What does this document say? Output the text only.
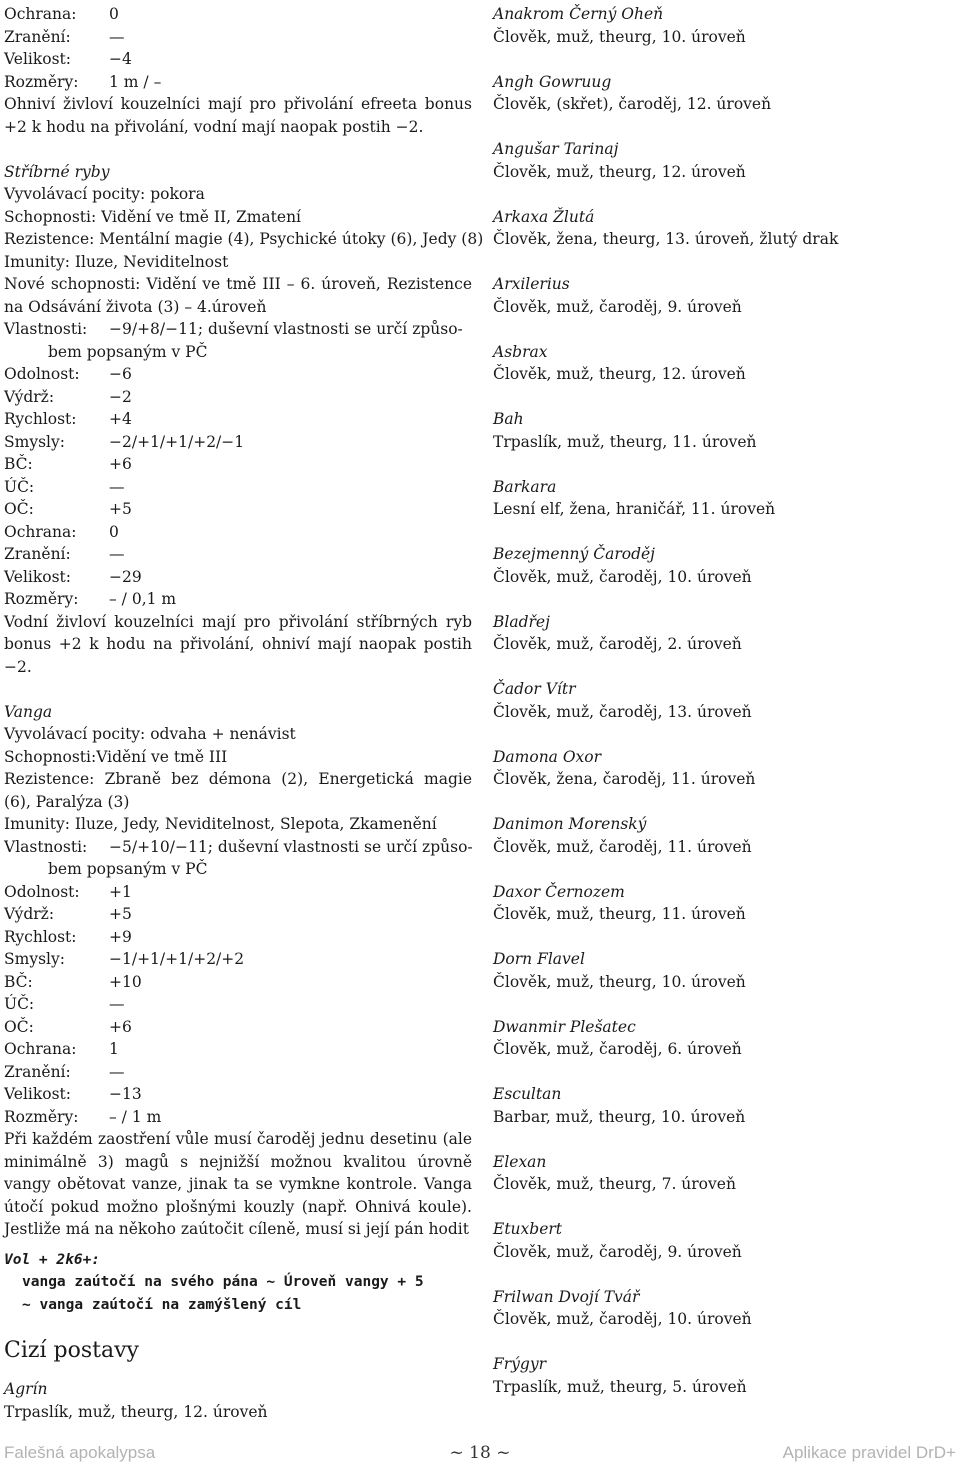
Ochrana:	0
Zranění:	—
Velikost:	−4
Rozměry:	1 m / –
Ohniví živloví kouzelníci mají pro přivolání efreeta bonus +2 k hodu na přivolání, vodní mají naopak postih −2.
Stříbrné ryby
Vyvolávací pocity: pokora
Schopnosti: Vidění ve tmě II, Zmatení
Rezistence: Mentální magie (4), Psychické útoky (6), Jedy (8)
Imunity: Iluze, Neviditelnost
Nové schopnosti: Vidění ve tmě III – 6. úroveň, Rezistence na Odsávání života (3) – 4.úroveň
Vlastnosti:	−9/+8/−11; duševní vlastnosti se určí způso-
bem popsaným v PČ
Odolnost:	−6
Výdrž:	−2
Rychlost:	+4
Smysly:	−2/+1/+1/+2/−1
BČ:	+6
ÚČ:	—
OČ:	+5
Ochrana:	0
Zranění:	—
Velikost:	−29
Rozměry:	– / 0,1 m
Vodní živloví kouzelníci mají pro přivolání stříbrných ryb bonus +2 k hodu na přivolání, ohniví mají naopak postih −2.
Vanga
Vyvolávací pocity: odvaha + nenávist
Schopnosti:Vidění ve tmě III
Rezistence: Zbraně bez démona (2), Energetická magie (6), Paralýza (3)
Imunity: Iluze, Jedy, Neviditelnost, Slepota, Zkamenění
Vlastnosti:	−5/+10/−11; duševní vlastnosti se určí způso-
bem popsaným v PČ
Odolnost:	+1
Výdrž:	+5
Rychlost:	+9
Smysly:	−1/+1/+1/+2/+2
BČ:	+10
ÚČ:	—
OČ:	+6
Ochrana:	1
Zranění:	—
Velikost:	−13
Rozměry:	– / 1 m
Při každém zaostření vůle musí čaroděj jednu desetinu (ale minimálně 3) magů s nejnižší možnou kvalitou úrovně vangy obětovat vanze, jinak ta se vymkne kontrole. Vanga útočí pokud možno plošnými kouzly (např. Ohnivá koule). Jestliže má na někoho zaútočit cíleně, musí si její pán hodit
Vol + 2k6+:
vanga zaútočí na svého pána ~ Úroveň vangy + 5
~ vanga zaútočí na zamýšlený cíl
Cizí postavy
Agrín
Trpaslík, muž, theurg, 12. úroveň
Anakrom Černý Oheň
Člověk, muž, theurg, 10. úroveň
Angh Gowruug
Člověk, (skřet), čaroděj, 12. úroveň
Angušar Tarinaj
Člověk, muž, theurg, 12. úroveň
Arkaxa Žlutá
Člověk, žena, theurg, 13. úroveň, žlutý drak
Arxilerius
Člověk, muž, čaroděj, 9. úroveň
Asbrax
Člověk, muž, theurg, 12. úroveň
Bah
Trpaslík, muž, theurg, 11. úroveň
Barkara
Lesní elf, žena, hraničář, 11. úroveň
Bezejmenný Čaroděj
Člověk, muž, čaroděj, 10. úroveň
Bladřej
Člověk, muž, čaroděj, 2. úroveň
Čador Vítr
Člověk, muž, čaroděj, 13. úroveň
Damona Oxor
Člověk, žena, čaroděj, 11. úroveň
Danimon Morenský
Člověk, muž, čaroděj, 11. úroveň
Daxor Černozem
Člověk, muž, theurg, 11. úroveň
Dorn Flavel
Člověk, muž, theurg, 10. úroveň
Dwanmir Plešatec
Člověk, muž, čaroděj, 6. úroveň
Escultan
Barbar, muž, theurg, 10. úroveň
Elexan
Člověk, muž, theurg, 7. úroveň
Etuxbert
Člověk, muž, čaroděj, 9. úroveň
Frilwan Dvojí Tvář
Člověk, muž, čaroděj, 10. úroveň
Frýgyr
Trpaslík, muž, theurg, 5. úroveň
Falešná apokalypsa	~ 18 ~	Aplikace pravidel DrD+
